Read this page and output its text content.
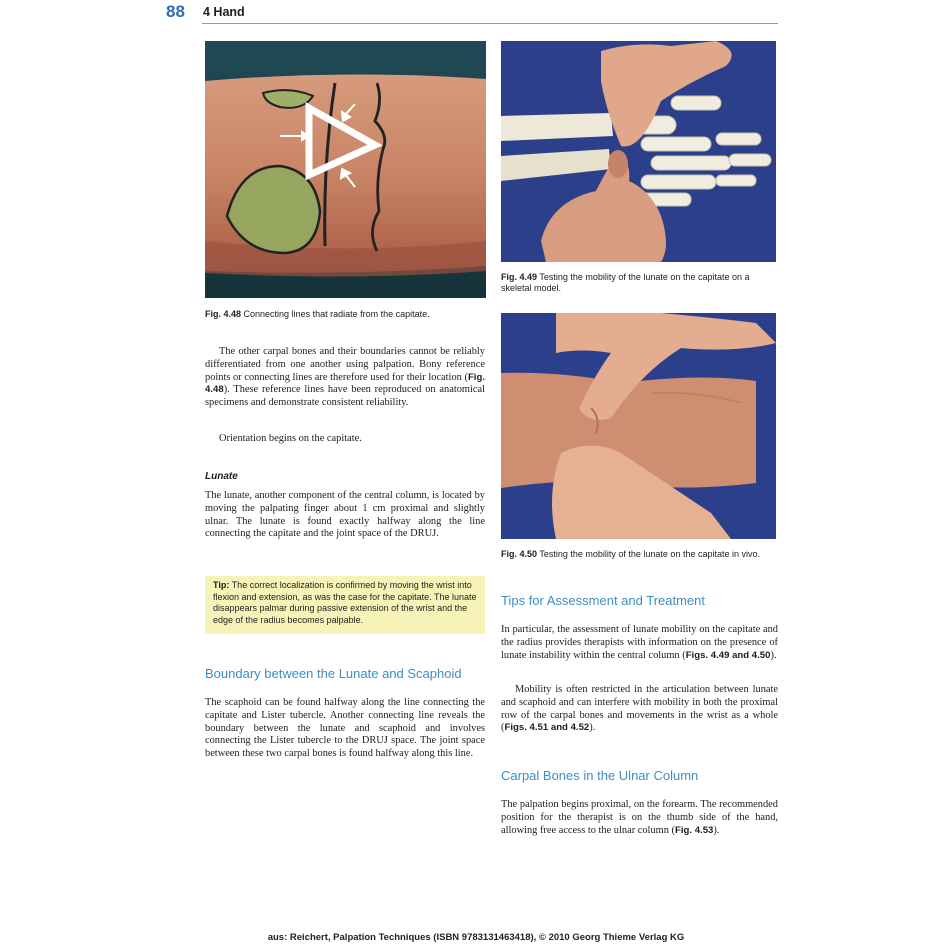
88 4 Hand
Fig. 4.48 Connecting lines that radiate from the capitate.
Fig. 4.49 Testing the mobility of the lunate on the capitate on a skeletal model.
Fig. 4.50 Testing the mobility of the lunate on the capitate in vivo.

The other carpal bones and their boundaries cannot be reliably differentiated from one another using palpation. Bony reference points or connecting lines are therefore used for their location (Fig. 4.48). These reference lines have been reproduced on anatomical specimens and demonstrate consistent reliability.

Orientation begins on the capitate.

Lunate

The lunate, another component of the central column, is located by moving the palpating finger about 1 cm proximal and slightly ulnar. The lunate is found exactly halfway along the line connecting the capitate and the joint space of the DRUJ.

Tip: The correct localization is confirmed by moving the wrist into flexion and extension, as was the case for the capitate. The lunate disappears palmar during passive extension of the wrist and the edge of the radius becomes palpable.
Boundary between the Lunate and Scaphoid

The scaphoid can be found halfway along the line connecting the capitate and Lister tubercle. Another connecting line reveals the boundary between the lunate and scaphoid and involves connecting the Lister tubercle to the DRUJ space. The joint space between these two carpal bones is found halfway along this line.

Tips for Assessment and Treatment

In particular, the assessment of lunate mobility on the capitate and the radius provides therapists with information on the presence of lunate instability within the central column (Figs. 4.49 and 4.50).

Mobility is often restricted in the articulation between lunate and scaphoid and can interfere with mobility in both the proximal row of the carpal bones and movements in the wrist as a whole (Figs. 4.51 and 4.52).

Carpal Bones in the Ulnar Column

The palpation begins proximal, on the forearm. The recommended position for the therapist is on the thumb side of the hand, allowing free access to the ulnar column (Fig. 4.53).

aus: Reichert, Palpation Techniques (ISBN 9783131463418), © 2010 Georg Thieme Verlag KG
